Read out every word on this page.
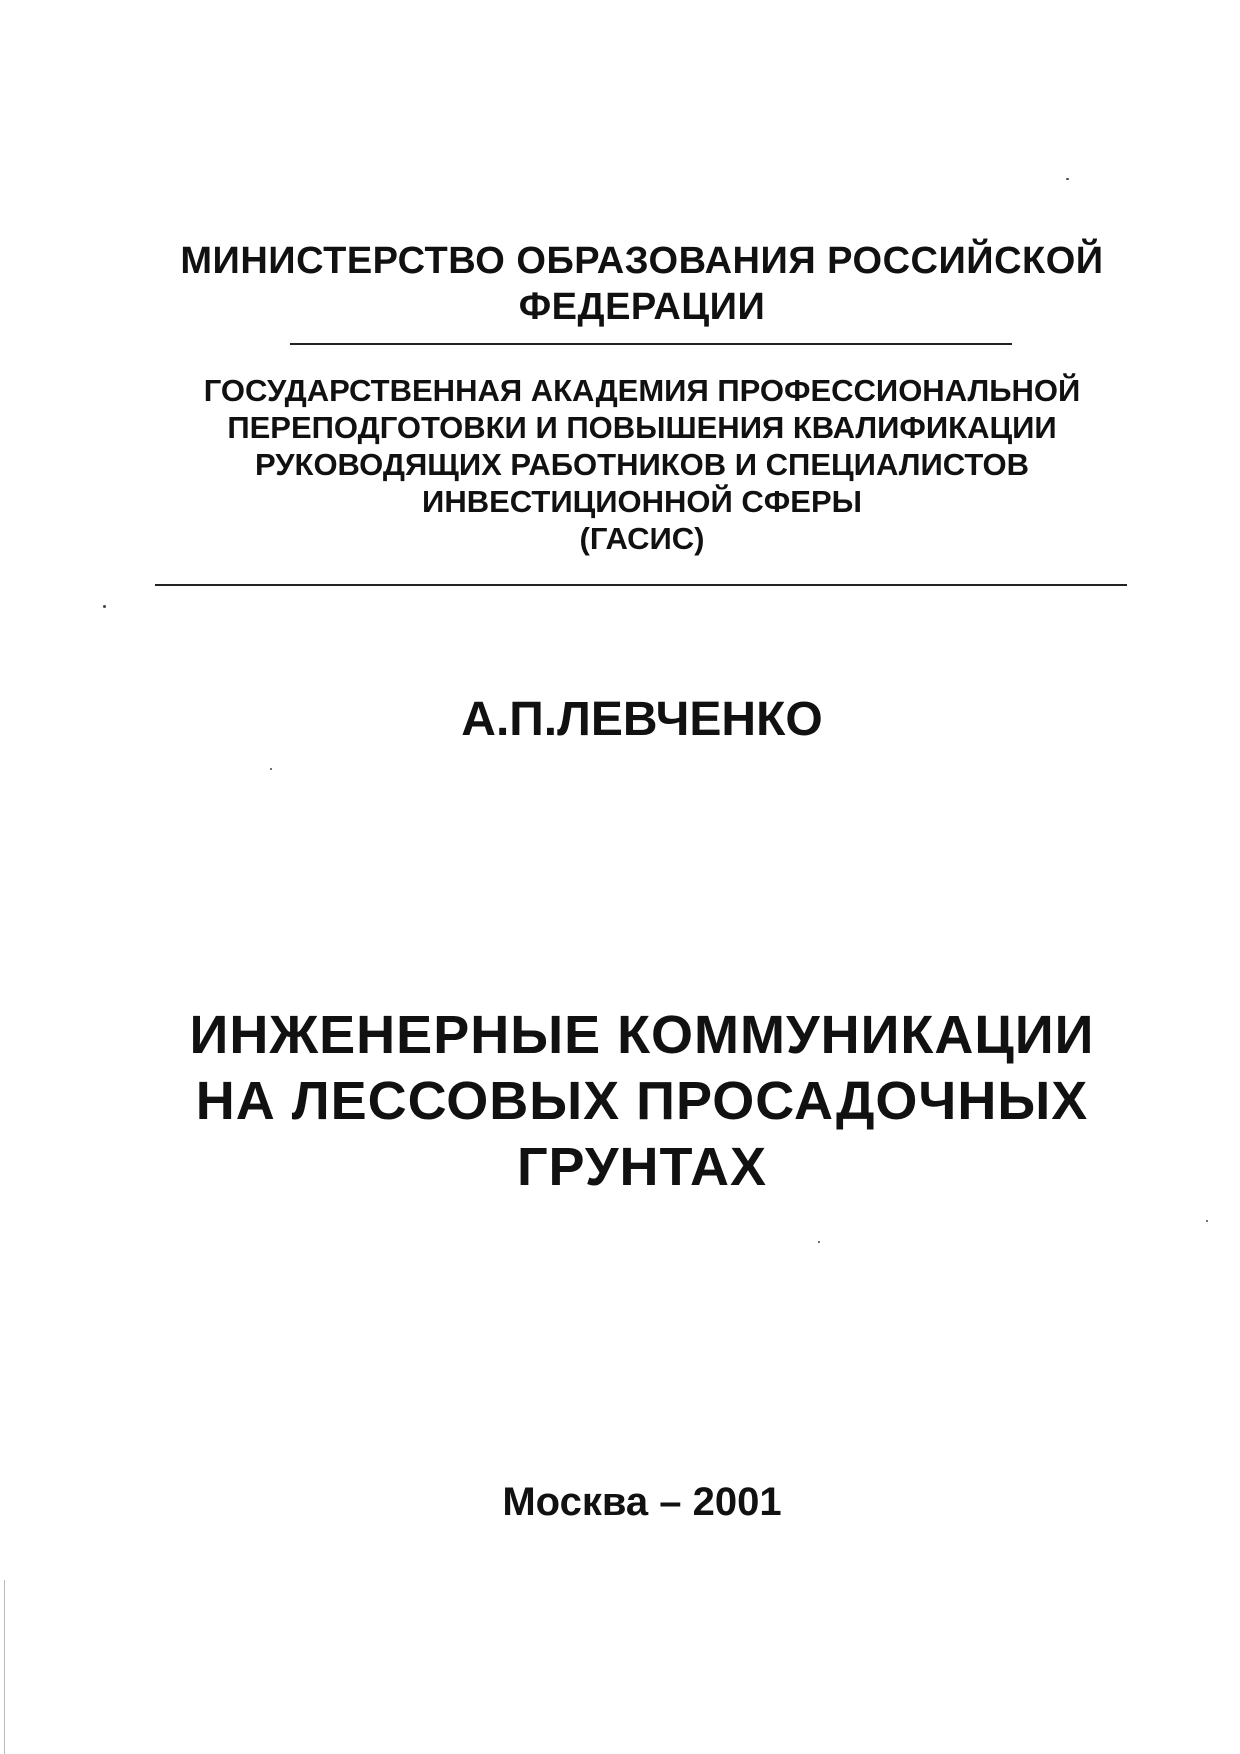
МИНИСТЕРСТВО ОБРАЗОВАНИЯ РОССИЙСКОЙ
ФЕДЕРАЦИИ
ГОСУДАРСТВЕННАЯ АКАДЕМИЯ ПРОФЕССИОНАЛЬНОЙ
ПЕРЕПОДГОТОВКИ И ПОВЫШЕНИЯ КВАЛИФИКАЦИИ
РУКОВОДЯЩИХ РАБОТНИКОВ И СПЕЦИАЛИСТОВ
ИНВЕСТИЦИОННОЙ СФЕРЫ
(ГАСИС)
А.П.ЛЕВЧЕНКО
ИНЖЕНЕРНЫЕ КОММУНИКАЦИИ
НА ЛЕССОВЫХ ПРОСАДОЧНЫХ
ГРУНТАХ
Москва – 2001
